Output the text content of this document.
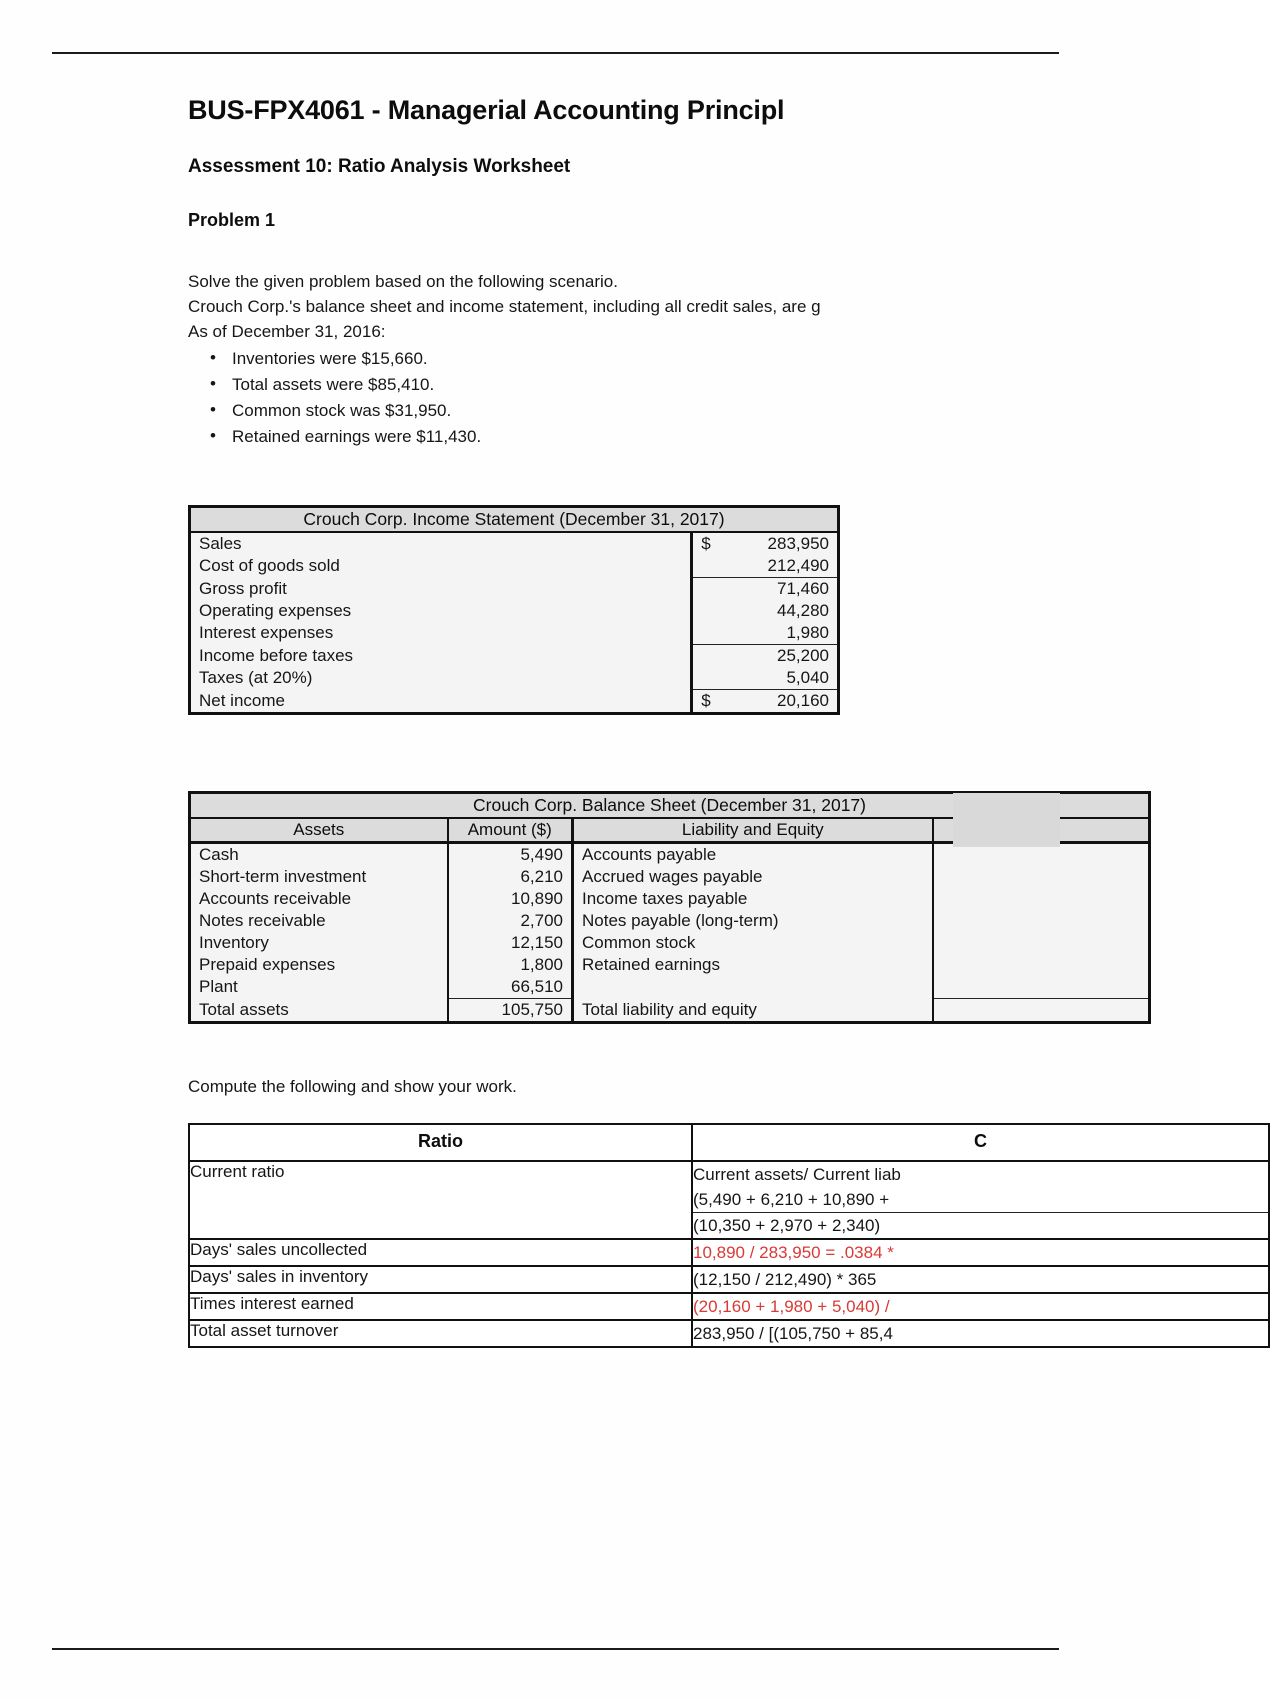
BUS-FPX4061 - Managerial Accounting Principl
Assessment 10: Ratio Analysis Worksheet
Problem 1

Solve the given problem based on the following scenario.

Crouch Corp.'s balance sheet and income statement, including all credit sales, are g

As of December 31, 2016:

• Inventories were $15,660.
• Total assets were $85,410.
• Common stock was $31,950.
• Retained earnings were $11,430.
Crouch Corp. Income Statement (December 31, 2017)	
Sales	$ 283,950
Cost of goods sold	212,490
Gross profit	71,460
Operating expenses	44,280
Interest expenses	1,980
Income before taxes	25,200
Taxes (at 20%)	5,040
Net income	$ 20,160
Crouch Corp. Balance Sheet (December 31, 2017)			
Assets	Amount ($)	Liability and Equity	
Cash	5,490	Accounts payable	
Short-term investment	6,210	Accrued wages payable	
Accounts receivable	10,890	Income taxes payable	
Notes receivable	2,700	Notes payable (long-term)	
Inventory	12,150	Common stock	
Prepaid expenses	1,800	Retained earnings	
Plant	66,510		
Total assets	105,750	Total liability and equity	
Compute the following and show your work.
Ratio	C
Current ratio	Current assets/ Current liab
(5,490 + 6,210 + 10,890 +
(10,350 + 2,970 + 2,340)

Days' sales uncollected	10,890 / 283,950 = .0384 *
Days' sales in inventory	(12,150 / 212,490) * 365
Times interest earned	(20,160 + 1,980 + 5,040) /
Total asset turnover	283,950 / [(105,750 + 85,4
